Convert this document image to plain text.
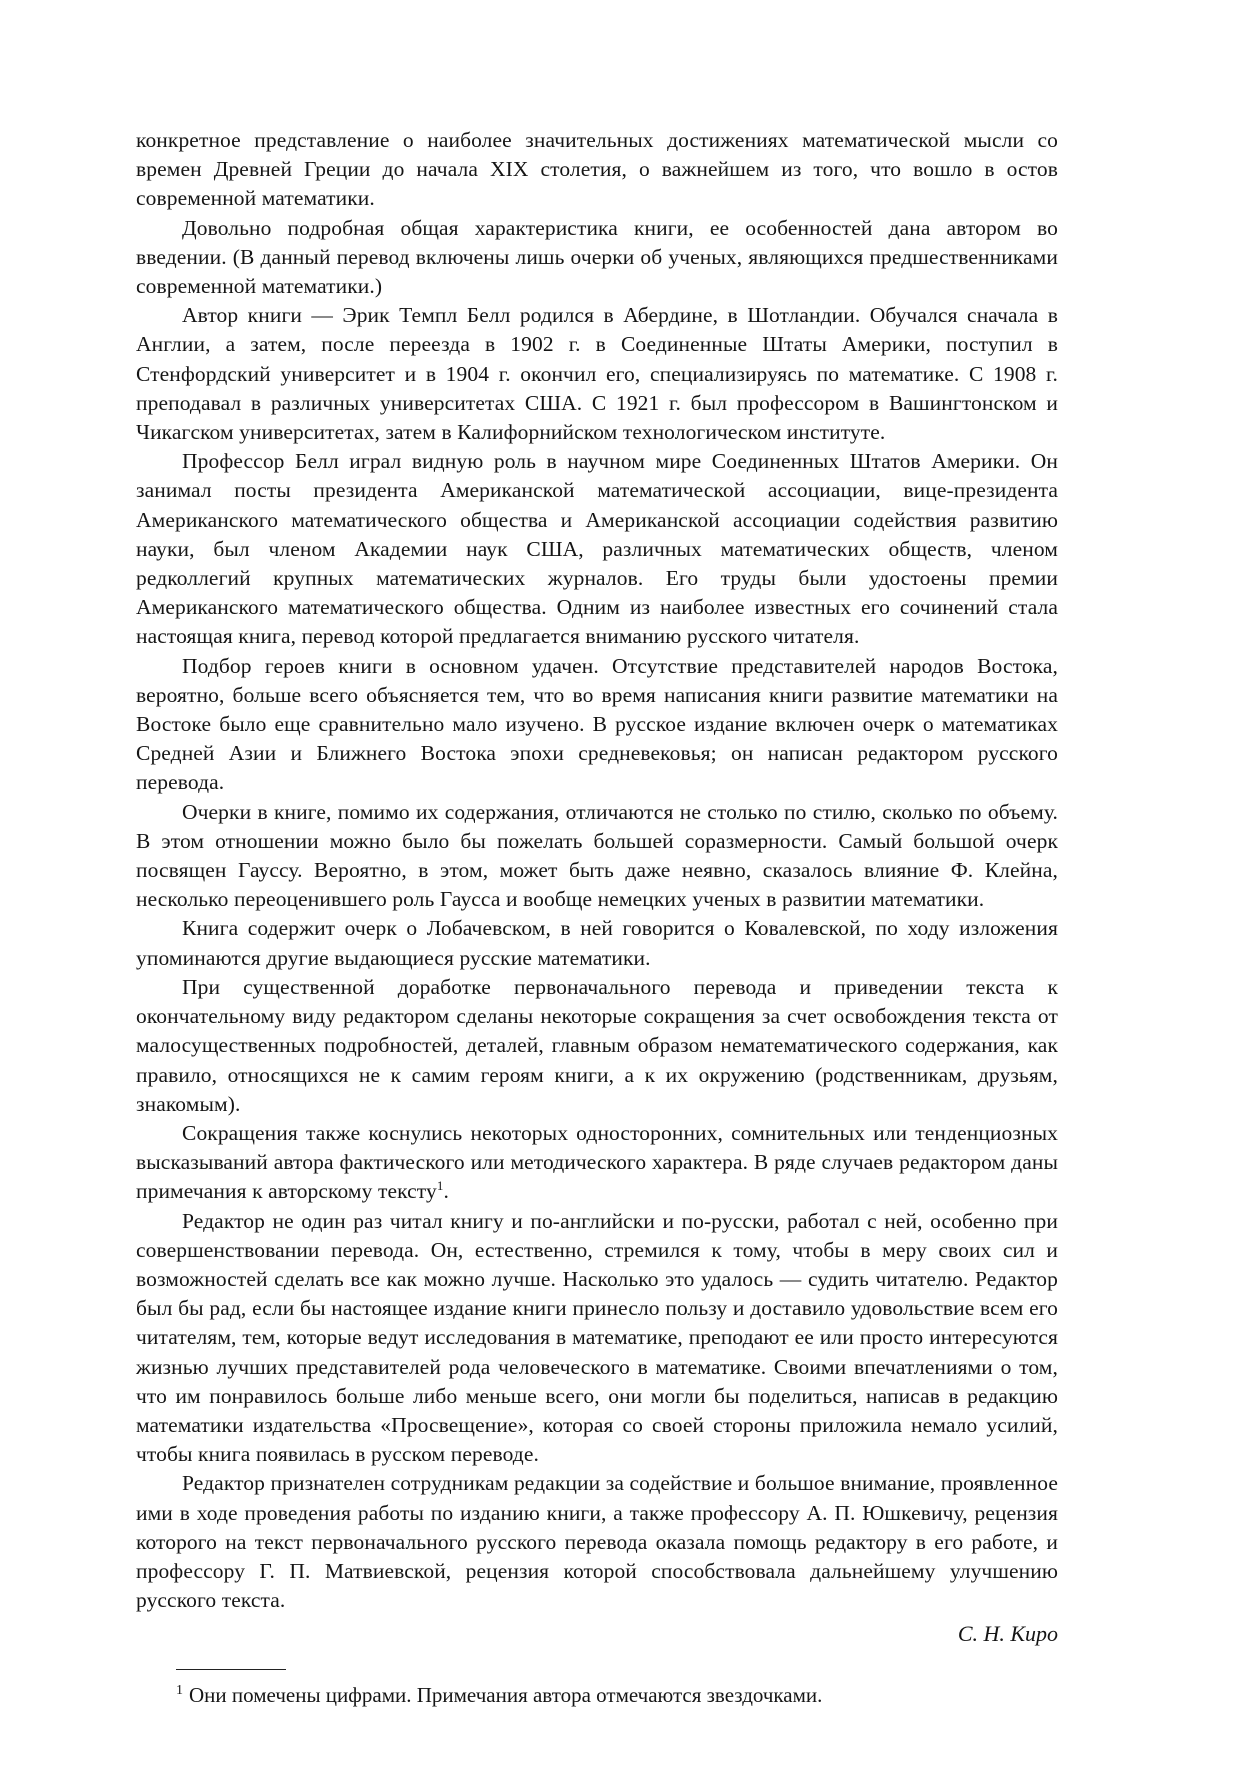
конкретное представление о наиболее значительных достижениях математической мысли со времен Древней Греции до начала XIX столетия, о важнейшем из того, что вошло в остов современной математики.

Довольно подробная общая характеристика книги, ее особенностей дана автором во введении. (В данный перевод включены лишь очерки об ученых, являющихся предшественниками современной математики.)

Автор книги — Эрик Темпл Белл родился в Абердине, в Шотландии. Обучался сначала в Англии, а затем, после переезда в 1902 г. в Соединенные Штаты Америки, поступил в Стенфордский университет и в 1904 г. окончил его, специализируясь по математике. С 1908 г. преподавал в различных университетах США. С 1921 г. был профессором в Вашингтонском и Чикагском университетах, затем в Калифорнийском технологическом институте.

Профессор Белл играл видную роль в научном мире Соединенных Штатов Америки. Он занимал посты президента Американской математической ассоциации, вице-президента Американского математического общества и Американской ассоциации содействия развитию науки, был членом Академии наук США, различных математических обществ, членом редколлегий крупных математических журналов. Его труды были удостоены премии Американского математического общества. Одним из наиболее известных его сочинений стала настоящая книга, перевод которой предлагается вниманию русского читателя.

Подбор героев книги в основном удачен. Отсутствие представителей народов Востока, вероятно, больше всего объясняется тем, что во время написания книги развитие математики на Востоке было еще сравнительно мало изучено. В русское издание включен очерк о математиках Средней Азии и Ближнего Востока эпохи средневековья; он написан редактором русского перевода.

Очерки в книге, помимо их содержания, отличаются не столько по стилю, сколько по объему. В этом отношении можно было бы пожелать большей соразмерности. Самый большой очерк посвящен Гауссу. Вероятно, в этом, может быть даже неявно, сказалось влияние Ф. Клейна, несколько переоценившего роль Гаусса и вообще немецких ученых в развитии математики.

Книга содержит очерк о Лобачевском, в ней говорится о Ковалевской, по ходу изложения упоминаются другие выдающиеся русские математики.

При существенной доработке первоначального перевода и приведении текста к окончательному виду редактором сделаны некоторые сокращения за счет освобождения текста от малосущественных подробностей, деталей, главным образом нематематического содержания, как правило, относящихся не к самим героям книги, а к их окружению (родственникам, друзьям, знакомым).

Сокращения также коснулись некоторых односторонних, сомнительных или тенденциозных высказываний автора фактического или методического характера. В ряде случаев редактором даны примечания к авторскому тексту$^1$.

Редактор не один раз читал книгу и по-английски и по-русски, работал с ней, особенно при совершенствовании перевода. Он, естественно, стремился к тому, чтобы в меру своих сил и возможностей сделать все как можно лучше. Насколько это удалось — судить читателю. Редактор был бы рад, если бы настоящее издание книги принесло пользу и доставило удовольствие всем его читателям, тем, которые ведут исследования в математике, преподают ее или просто интересуются жизнью лучших представителей рода человеческого в математике. Своими впечатлениями о том, что им понравилось больше либо меньше всего, они могли бы поделиться, написав в редакцию математики издательства «Просвещение», которая со своей стороны приложила немало усилий, чтобы книга появилась в русском переводе.

Редактор признателен сотрудникам редакции за содействие и большое внимание, проявленное ими в ходе проведения работы по изданию книги, а также профессору А. П. Юшкевичу, рецензия которого на текст первоначального русского перевода оказала помощь редактору в его работе, и профессору Г. П. Матвиевской, рецензия которой способствовала дальнейшему улучшению русского текста.

С. Н. Киро

$^1$ Они помечены цифрами. Примечания автора отмечаются звездочками.
